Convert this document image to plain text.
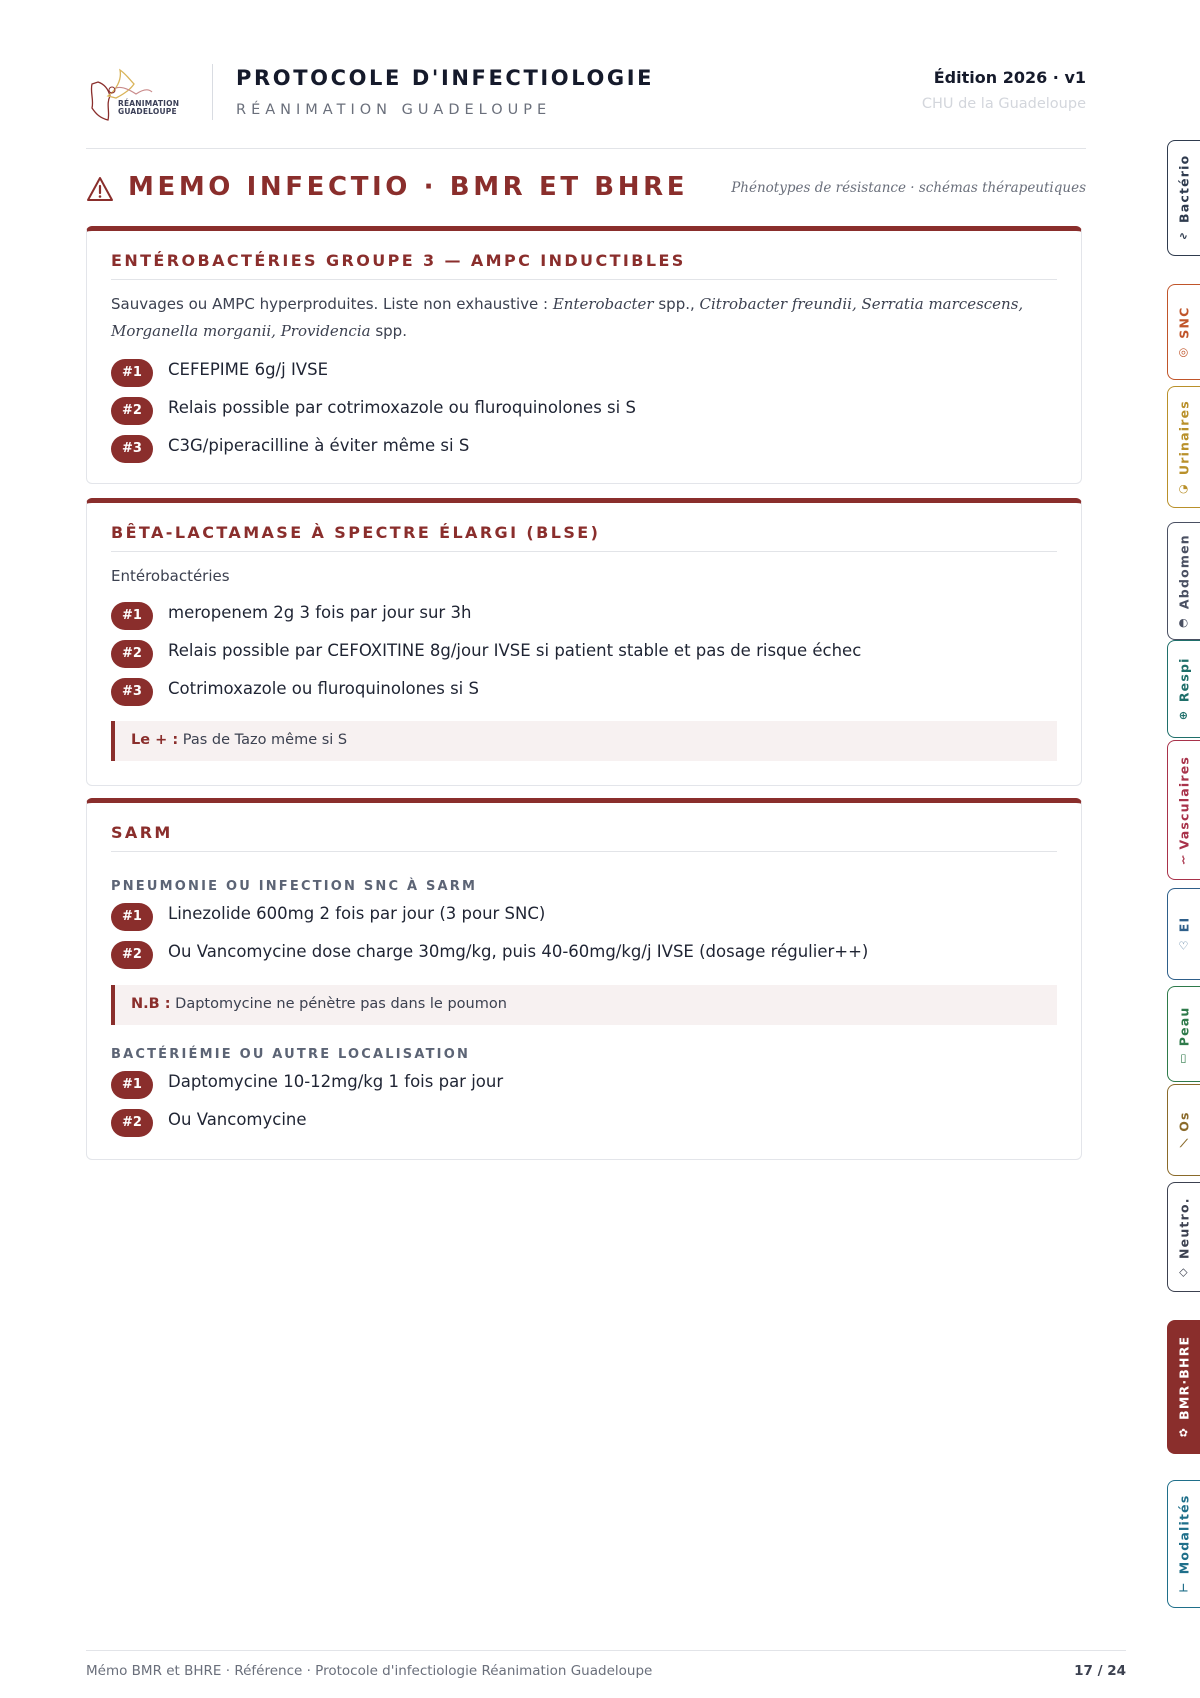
RÉANIMATION
GUADELOUPE
PROTOCOLE D'INFECTIOLOGIE
RÉANIMATION GUADELOUPE
Édition 2026 · v1
CHU de la Guadeloupe
MEMO INFECTIO · BMR ET BHRE	Phénotypes de résistance · schémas thérapeutiques
ENTÉROBACTÉRIES GROUPE 3 — AMPC INDUCTIBLES
Sauvages ou AMPC hyperproduites. Liste non exhaustive : Enterobacter spp., Citrobacter freundii, Serratia marcescens, Morganella morganii, Providencia spp.
#1	CEFEPIME 6g/j IVSE
#2	Relais possible par cotrimoxazole ou fluroquinolones si S
#3	C3G/piperacilline à éviter même si S
BÊTA-LACTAMASE À SPECTRE ÉLARGI (BLSE)
Entérobactéries
#1	meropenem 2g 3 fois par jour sur 3h
#2	Relais possible par CEFOXITINE 8g/jour IVSE si patient stable et pas de risque échec
#3	Cotrimoxazole ou fluroquinolones si S
Le + : Pas de Tazo même si S
SARM
PNEUMONIE OU INFECTION SNC À SARM
#1	Linezolide 600mg 2 fois par jour (3 pour SNC)
#2	Ou Vancomycine dose charge 30mg/kg, puis 40-60mg/kg/j IVSE (dosage régulier++)
N.B : Daptomycine ne pénètre pas dans le poumon
BACTÉRIÉMIE OU AUTRE LOCALISATION
#1	Daptomycine 10-12mg/kg 1 fois par jour
#2	Ou Vancomycine
∿
Bactério
◎
SNC
◔
Urinaires
◐
Abdomen
⊕
Respi
⌇
Vasculaires
♡
EI
▯
Peau
⟋
Os
◇
Neutro.
✿
BMR·BHRE
⊥
Modalités
Mémo BMR et BHRE · Référence · Protocole d'infectiologie Réanimation Guadeloupe	17 / 24
